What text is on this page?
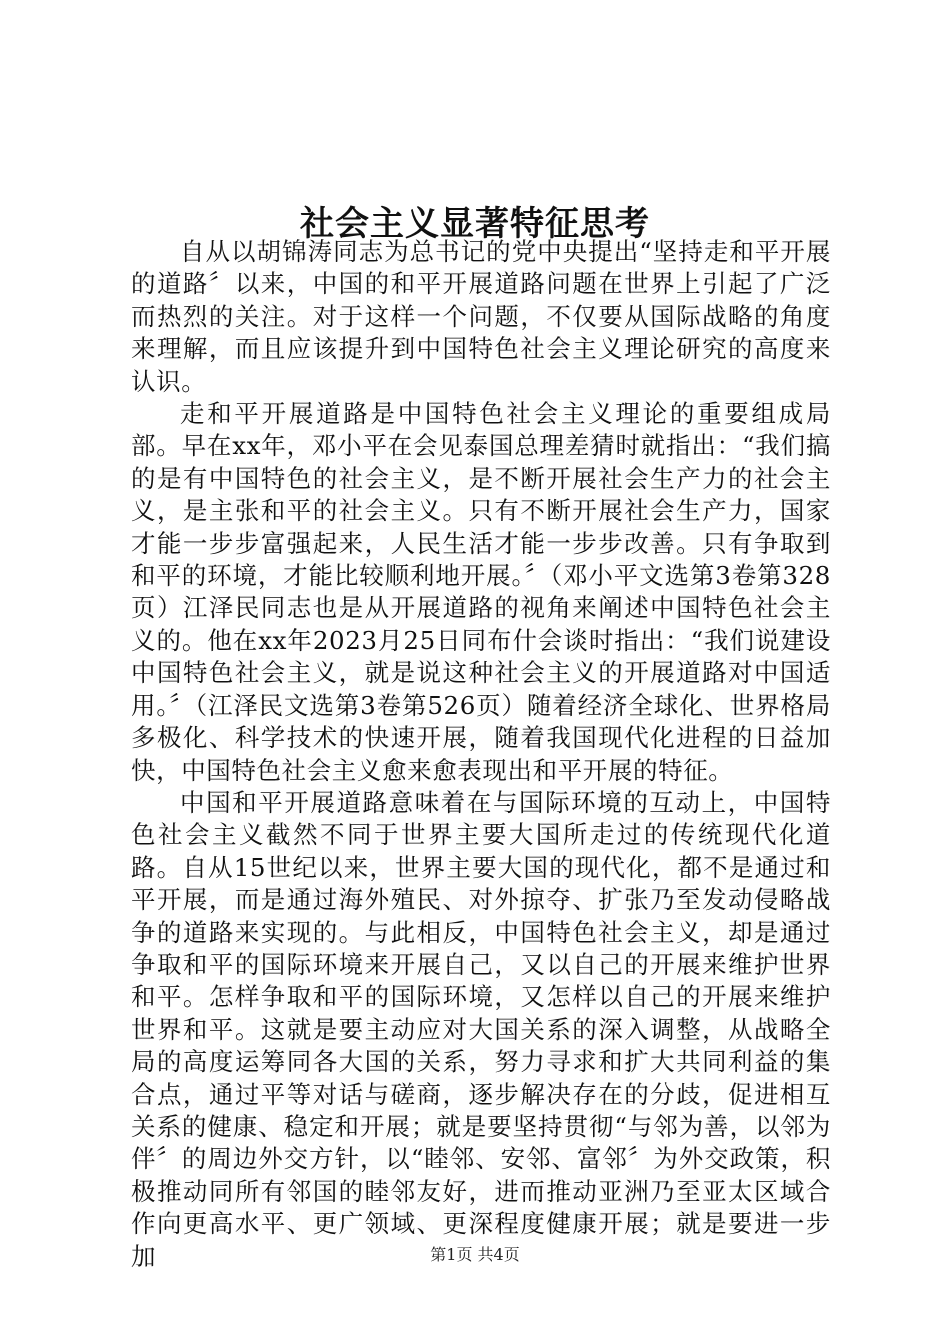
社会主义显著特征思考

自从以胡锦涛同志为总书记的党中央提出“坚持走和平开展的道路〞以来，中国的和平开展道路问题在世界上引起了广泛而热烈的关注。对于这样一个问题，不仅要从国际战略的角度来理解，而且应该提升到中国特色社会主义理论研究的高度来认识。

走和平开展道路是中国特色社会主义理论的重要组成局部。早在xx年，邓小平在会见泰国总理差猜时就指出：“我们搞的是有中国特色的社会主义，是不断开展社会生产力的社会主义，是主张和平的社会主义。只有不断开展社会生产力，国家才能一步步富强起来，人民生活才能一步步改善。只有争取到和平的环境，才能比较顺利地开展。〞（邓小平文选第3卷第328页）江泽民同志也是从开展道路的视角来阐述中国特色社会主义的。他在xx年2023月25日同布什会谈时指出：“我们说建设中国特色社会主义，就是说这种社会主义的开展道路对中国适用。〞（江泽民文选第3卷第526页）随着经济全球化、世界格局多极化、科学技术的快速开展，随着我国现代化进程的日益加快，中国特色社会主义愈来愈表现出和平开展的特征。

中国和平开展道路意味着在与国际环境的互动上，中国特色社会主义截然不同于世界主要大国所走过的传统现代化道路。自从15世纪以来，世界主要大国的现代化，都不是通过和平开展，而是通过海外殖民、对外掠夺、扩张乃至发动侵略战争的道路来实现的。与此相反，中国特色社会主义，却是通过争取和平的国际环境来开展自己，又以自己的开展来维护世界和平。怎样争取和平的国际环境，又怎样以自己的开展来维护世界和平。这就是要主动应对大国关系的深入调整，从战略全局的高度运筹同各大国的关系，努力寻求和扩大共同利益的集合点，通过平等对话与磋商，逐步解决存在的分歧，促进相互关系的健康、稳定和开展；就是要坚持贯彻“与邻为善，以邻为伴〞的周边外交方针，以“睦邻、安邻、富邻〞为外交政策，积极推动同所有邻国的睦邻友好，进而推动亚洲乃至亚太区域合作向更高水平、更广领域、更深程度健康开展；就是要进一步加	第1页 共4页
